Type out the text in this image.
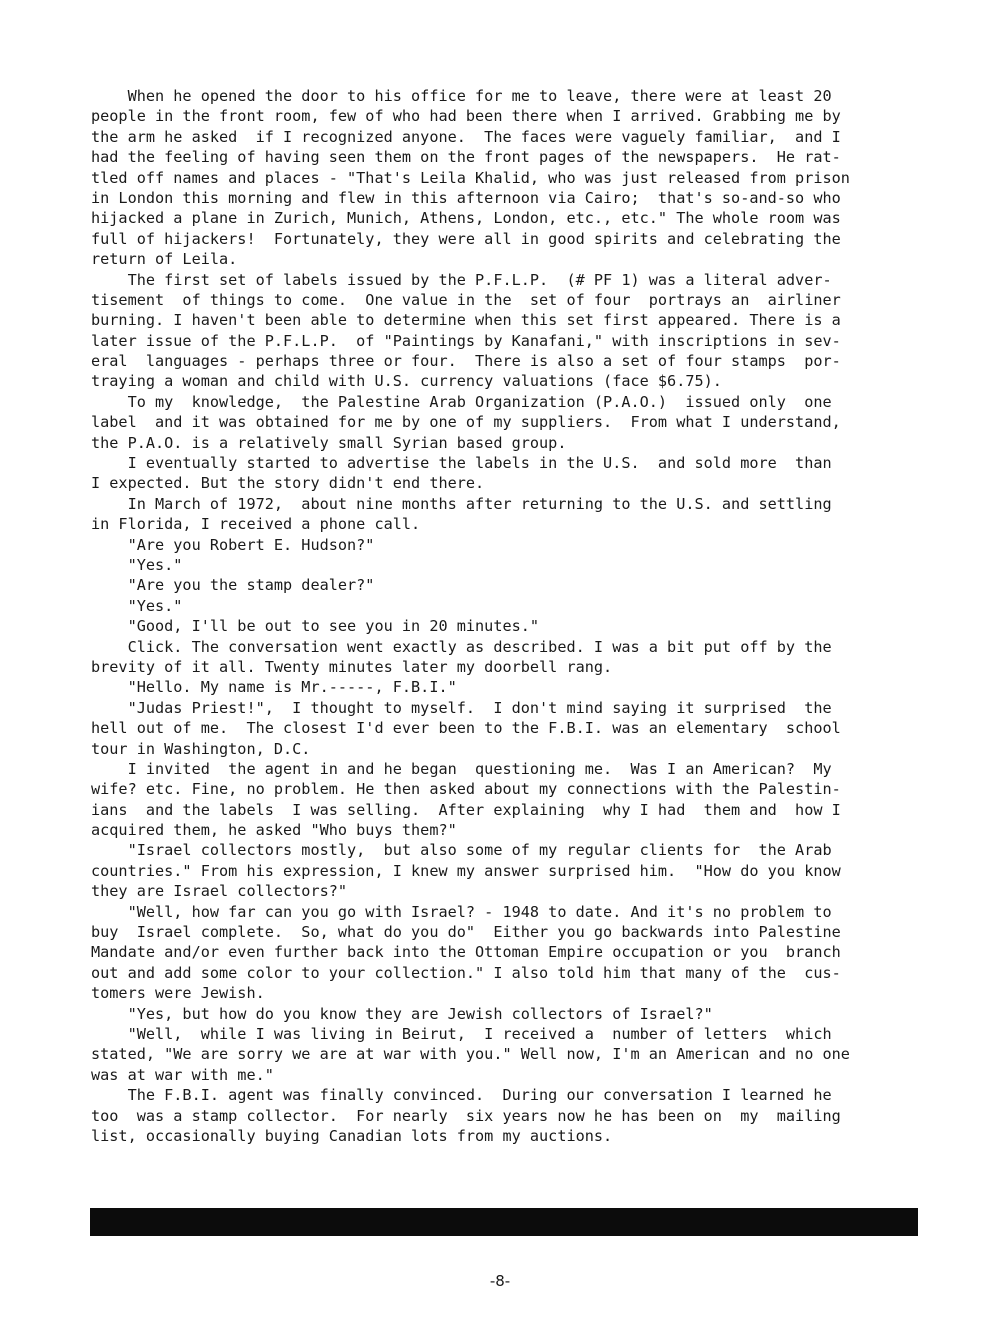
When he opened the door to his office for me to leave, there were at least 20
people in the front room, few of who had been there when I arrived. Grabbing me by
the arm he asked  if I recognized anyone.  The faces were vaguely familiar,  and I
had the feeling of having seen them on the front pages of the newspapers.  He rat-
tled off names and places - "That's Leila Khalid, who was just released from prison
in London this morning and flew in this afternoon via Cairo;  that's so-and-so who
hijacked a plane in Zurich, Munich, Athens, London, etc., etc." The whole room was
full of hijackers!  Fortunately, they were all in good spirits and celebrating the
return of Leila.
The first set of labels issued by the P.F.L.P.  (# PF 1) was a literal adver-
tisement  of things to come.  One value in the  set of four  portrays an  airliner
burning. I haven't been able to determine when this set first appeared. There is a
later issue of the P.F.L.P.  of "Paintings by Kanafani," with inscriptions in sev-
eral  languages - perhaps three or four.  There is also a set of four stamps  por-
traying a woman and child with U.S. currency valuations (face $6.75).
To my  knowledge,  the Palestine Arab Organization (P.A.O.)  issued only  one
label  and it was obtained for me by one of my suppliers.  From what I understand,
the P.A.O. is a relatively small Syrian based group.
I eventually started to advertise the labels in the U.S.  and sold more  than
I expected. But the story didn't end there.
In March of 1972,  about nine months after returning to the U.S. and settling
in Florida, I received a phone call.
"Are you Robert E. Hudson?"
"Yes."
"Are you the stamp dealer?"
"Yes."
"Good, I'll be out to see you in 20 minutes."
Click. The conversation went exactly as described. I was a bit put off by the
brevity of it all. Twenty minutes later my doorbell rang.
"Hello. My name is Mr.-----, F.B.I."
"Judas Priest!",  I thought to myself.  I don't mind saying it surprised  the
hell out of me.  The closest I'd ever been to the F.B.I. was an elementary  school
tour in Washington, D.C.
I invited  the agent in and he began  questioning me.  Was I an American?  My
wife? etc. Fine, no problem. He then asked about my connections with the Palestin-
ians  and the labels  I was selling.  After explaining  why I had  them and  how I
acquired them, he asked "Who buys them?"
"Israel collectors mostly,  but also some of my regular clients for  the Arab
countries." From his expression, I knew my answer surprised him.  "How do you know
they are Israel collectors?"
"Well, how far can you go with Israel? - 1948 to date. And it's no problem to
buy  Israel complete.  So, what do you do"  Either you go backwards into Palestine
Mandate and/or even further back into the Ottoman Empire occupation or you  branch
out and add some color to your collection." I also told him that many of the  cus-
tomers were Jewish.
"Yes, but how do you know they are Jewish collectors of Israel?"
"Well,  while I was living in Beirut,  I received a  number of letters  which
stated, "We are sorry we are at war with you." Well now, I'm an American and no one
was at war with me."
The F.B.I. agent was finally convinced.  During our conversation I learned he
too  was a stamp collector.  For nearly  six years now he has been on  my  mailing
list, occasionally buying Canadian lots from my auctions.
-8-
